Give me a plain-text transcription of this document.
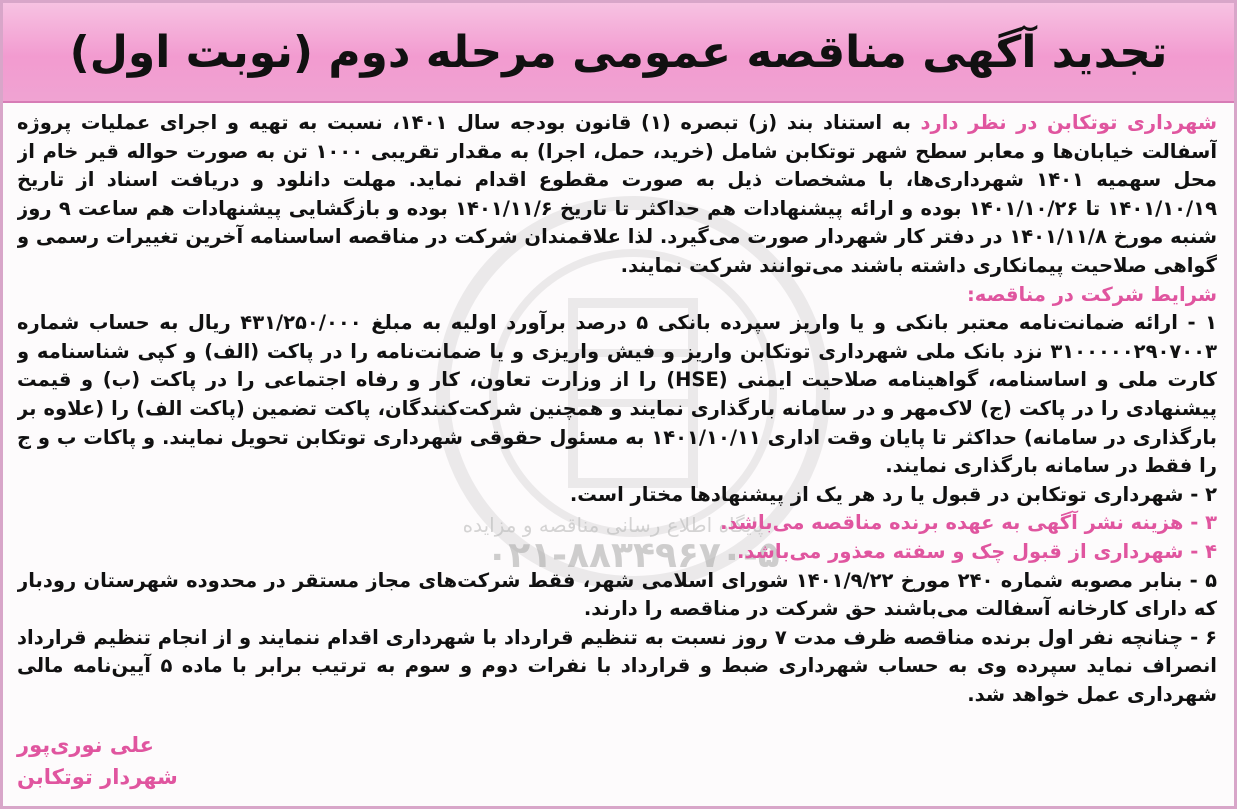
تجدید آگهی مناقصه عمومی مرحله دوم (نوبت اول)
پایگاه اطلاع رسانی مناقصه و مزایده
۰۲۱-۸۸۳۴۹۶۷۰-۵

شهرداری توتکابن در نظر دارد به استناد بند (ز) تبصره (۱) قانون بودجه سال ۱۴۰۱، نسبت به تهیه و اجرای عملیات پروژه آسفالت خیابان‌ها و معابر سطح شهر توتکابن شامل (خرید، حمل، اجرا) به مقدار تقریبی ۱۰۰۰ تن به صورت حواله قیر خام از محل سهمیه ۱۴۰۱ شهرداری‌ها، با مشخصات ذیل به صورت مقطوع اقدام نماید. مهلت دانلود و دریافت اسناد از تاریخ ۱۴۰۱/۱۰/۱۹ تا ۱۴۰۱/۱۰/۲۶ بوده و ارائه پیشنهادات هم حداکثر تا تاریخ ۱۴۰۱/۱۱/۶ بوده و بازگشایی پیشنهادات هم ساعت ۹ روز شنبه مورخ ۱۴۰۱/۱۱/۸ در دفتر کار شهردار صورت می‌گیرد. لذا علاقمندان شرکت در مناقصه اساسنامه آخرین تغییرات رسمی و گواهی صلاحیت پیمانکاری داشته باشند می‌توانند شرکت نمایند.

شرایط شرکت در مناقصه:

۱ - ارائه ضمانت‌نامه معتبر بانکی و یا واریز سپرده بانکی ۵ درصد برآورد اولیه به مبلغ ۴۳۱/۲۵۰/۰۰۰ ریال به حساب شماره ۳۱۰۰۰۰۰۲۹۰۷۰۰۳ نزد بانک ملی شهرداری توتکابن واریز و فیش واریزی و یا ضمانت‌نامه را در پاکت (الف) و کپی شناسنامه و کارت ملی و اساسنامه، گواهینامه صلاحیت ایمنی (HSE) را از وزارت تعاون، کار و رفاه اجتماعی را در پاکت (ب) و قیمت پیشنهادی را در پاکت (ج) لاک‌مهر و در سامانه بارگذاری نمایند و همچنین شرکت‌کنندگان، پاکت تضمین (پاکت الف) را (علاوه بر بارگذاری در سامانه) حداکثر تا پایان وقت اداری ۱۴۰۱/۱۰/۱۱ به مسئول حقوقی شهرداری توتکابن تحویل نمایند. و پاکات ب و ج را فقط در سامانه بارگذاری نمایند.

۲ - شهرداری توتکابن در قبول یا رد هر یک از پیشنهادها مختار است.

۳ - هزینه نشر آگهی به عهده برنده مناقصه می‌باشد.

۴ - شهرداری از قبول چک و سفته معذور می‌باشد.

۵ - بنابر مصوبه شماره ۲۴۰ مورخ ۱۴۰۱/۹/۲۲ شورای اسلامی شهر، فقط شرکت‌های مجاز مستقر در محدوده شهرستان رودبار که دارای کارخانه آسفالت می‌باشند حق شرکت در مناقصه را دارند.

۶ - چنانچه نفر اول برنده مناقصه ظرف مدت ۷ روز نسبت به تنظیم قرارداد با شهرداری اقدام ننمایند و از انجام تنظیم قرارداد انصراف نماید سپرده وی به حساب شهرداری ضبط و قرارداد با نفرات دوم و سوم به ترتیب برابر با ماده ۵ آیین‌نامه مالی شهرداری عمل خواهد شد.

علی نوری‌پور
شهردار توتکابن
